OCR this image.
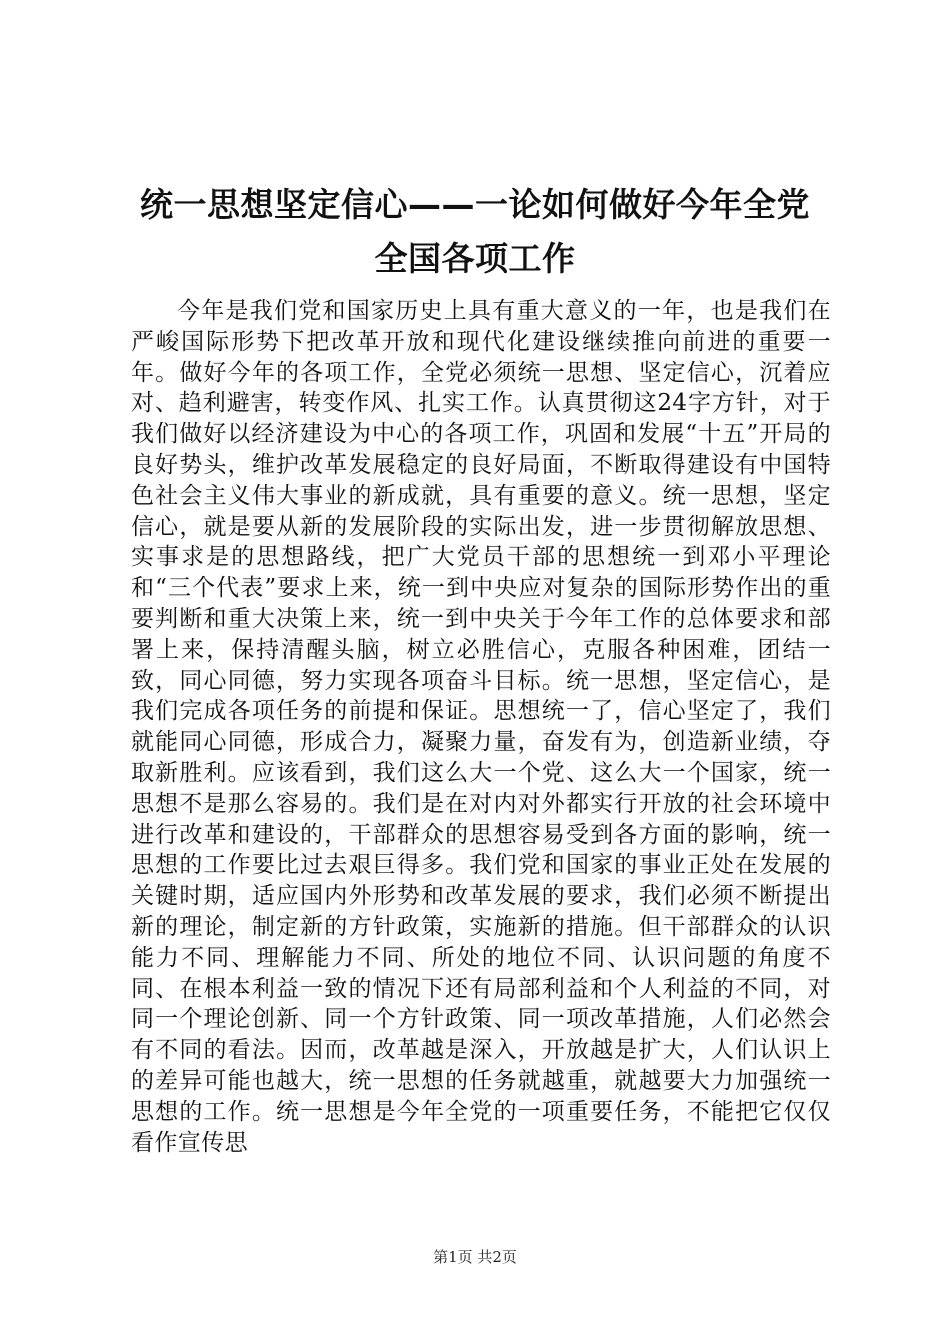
统一思想坚定信心——一论如何做好今年全党
全国各项工作

今年是我们党和国家历史上具有重大意义的一年，也是我们在严峻国际形势下把改革开放和现代化建设继续推向前进的重要一年。做好今年的各项工作，全党必须统一思想、坚定信心，沉着应对、趋利避害，转变作风、扎实工作。认真贯彻这24字方针，对于我们做好以经济建设为中心的各项工作，巩固和发展“十五”开局的良好势头，维护改革发展稳定的良好局面，不断取得建设有中国特色社会主义伟大事业的新成就，具有重要的意义。统一思想，坚定信心，就是要从新的发展阶段的实际出发，进一步贯彻解放思想、实事求是的思想路线，把广大党员干部的思想统一到邓小平理论和“三个代表”要求上来，统一到中央应对复杂的国际形势作出的重要判断和重大决策上来，统一到中央关于今年工作的总体要求和部署上来，保持清醒头脑，树立必胜信心，克服各种困难，团结一致，同心同德，努力实现各项奋斗目标。统一思想，坚定信心，是我们完成各项任务的前提和保证。思想统一了，信心坚定了，我们就能同心同德，形成合力，凝聚力量，奋发有为，创造新业绩，夺取新胜利。应该看到，我们这么大一个党、这么大一个国家，统一思想不是那么容易的。我们是在对内对外都实行开放的社会环境中进行改革和建设的，干部群众的思想容易受到各方面的影响，统一思想的工作要比过去艰巨得多。我们党和国家的事业正处在发展的关键时期，适应国内外形势和改革发展的要求，我们必须不断提出新的理论，制定新的方针政策，实施新的措施。但干部群众的认识能力不同、理解能力不同、所处的地位不同、认识问题的角度不同、在根本利益一致的情况下还有局部利益和个人利益的不同，对同一个理论创新、同一个方针政策、同一项改革措施，人们必然会有不同的看法。因而，改革越是深入，开放越是扩大，人们认识上的差异可能也越大，统一思想的任务就越重，就越要大力加强统一思想的工作。统一思想是今年全党的一项重要任务，不能把它仅仅看作宣传思

第1页 共2页
